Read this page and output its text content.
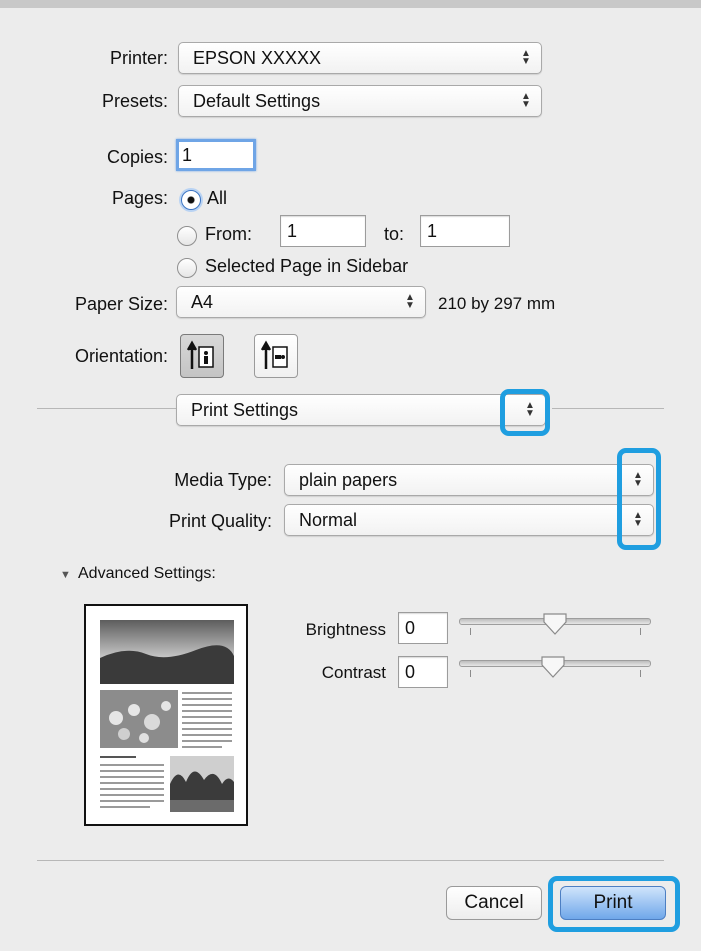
Printer:	EPSON XXXXX	▲
▼
Presets:	Default Settings	▲
▼
Copies: 1
Pages: All
From:	1	to:	1
Selected Page in Sidebar
Paper Size:	A4	▲
▼ 210 by 297 mm
Orientation:
Print Settings	▲
▼
Media Type:	plain papers	▲
▼
Print Quality:	Normal	▲
▼
▼ Advanced Settings:
Brightness	0
Contrast	0
Cancel	Print
